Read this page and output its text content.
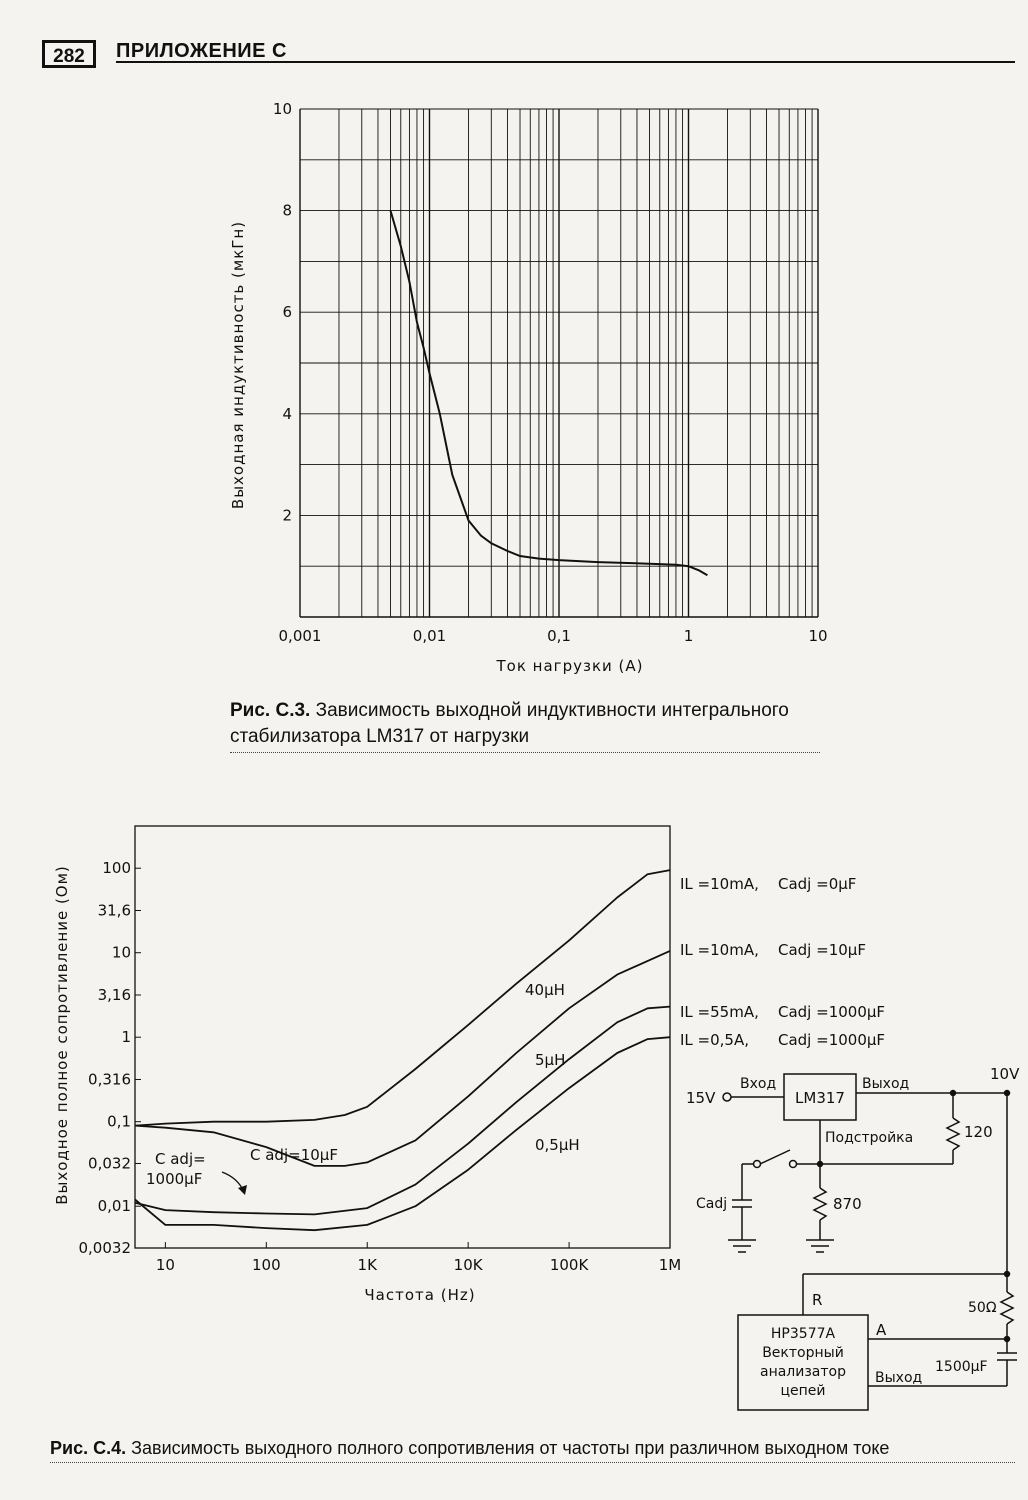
282	ПРИЛОЖЕНИЕ С
0,001	0,01	0,1	1	10
2
4
6
8
10
Ток нагрузки (А)
Выходная индуктивность (мкГн)
Рис. С.3. Зависимость выходной индуктивности интегрального
стабилизатора LM317 от нагрузки
10	100	1K	10K	100K	1M
100
31,6
10
3,16
1
0,316
0,1
0,032
0,01
0,0032
Частота (Hz)
Выходное полное сопротивление (Ом)	40µH
5µH
0,5µH
C adj=10µF
C adj=
1000µF
IL =10mA, Cadj =0µF
IL =10mA, Cadj =10µF
IL =55mA, Cadj =1000µF
IL =0,5A, Cadj =1000µF
15V
Вход
LM317
Выход
10V
120
Подстройка
Cadj	870
R	50Ω
A
1500µF
Выход
HP3577A
Векторный
анализатор
цепей
Рис. С.4. Зависимость выходного полного сопротивления от частоты при различном выходном токе
